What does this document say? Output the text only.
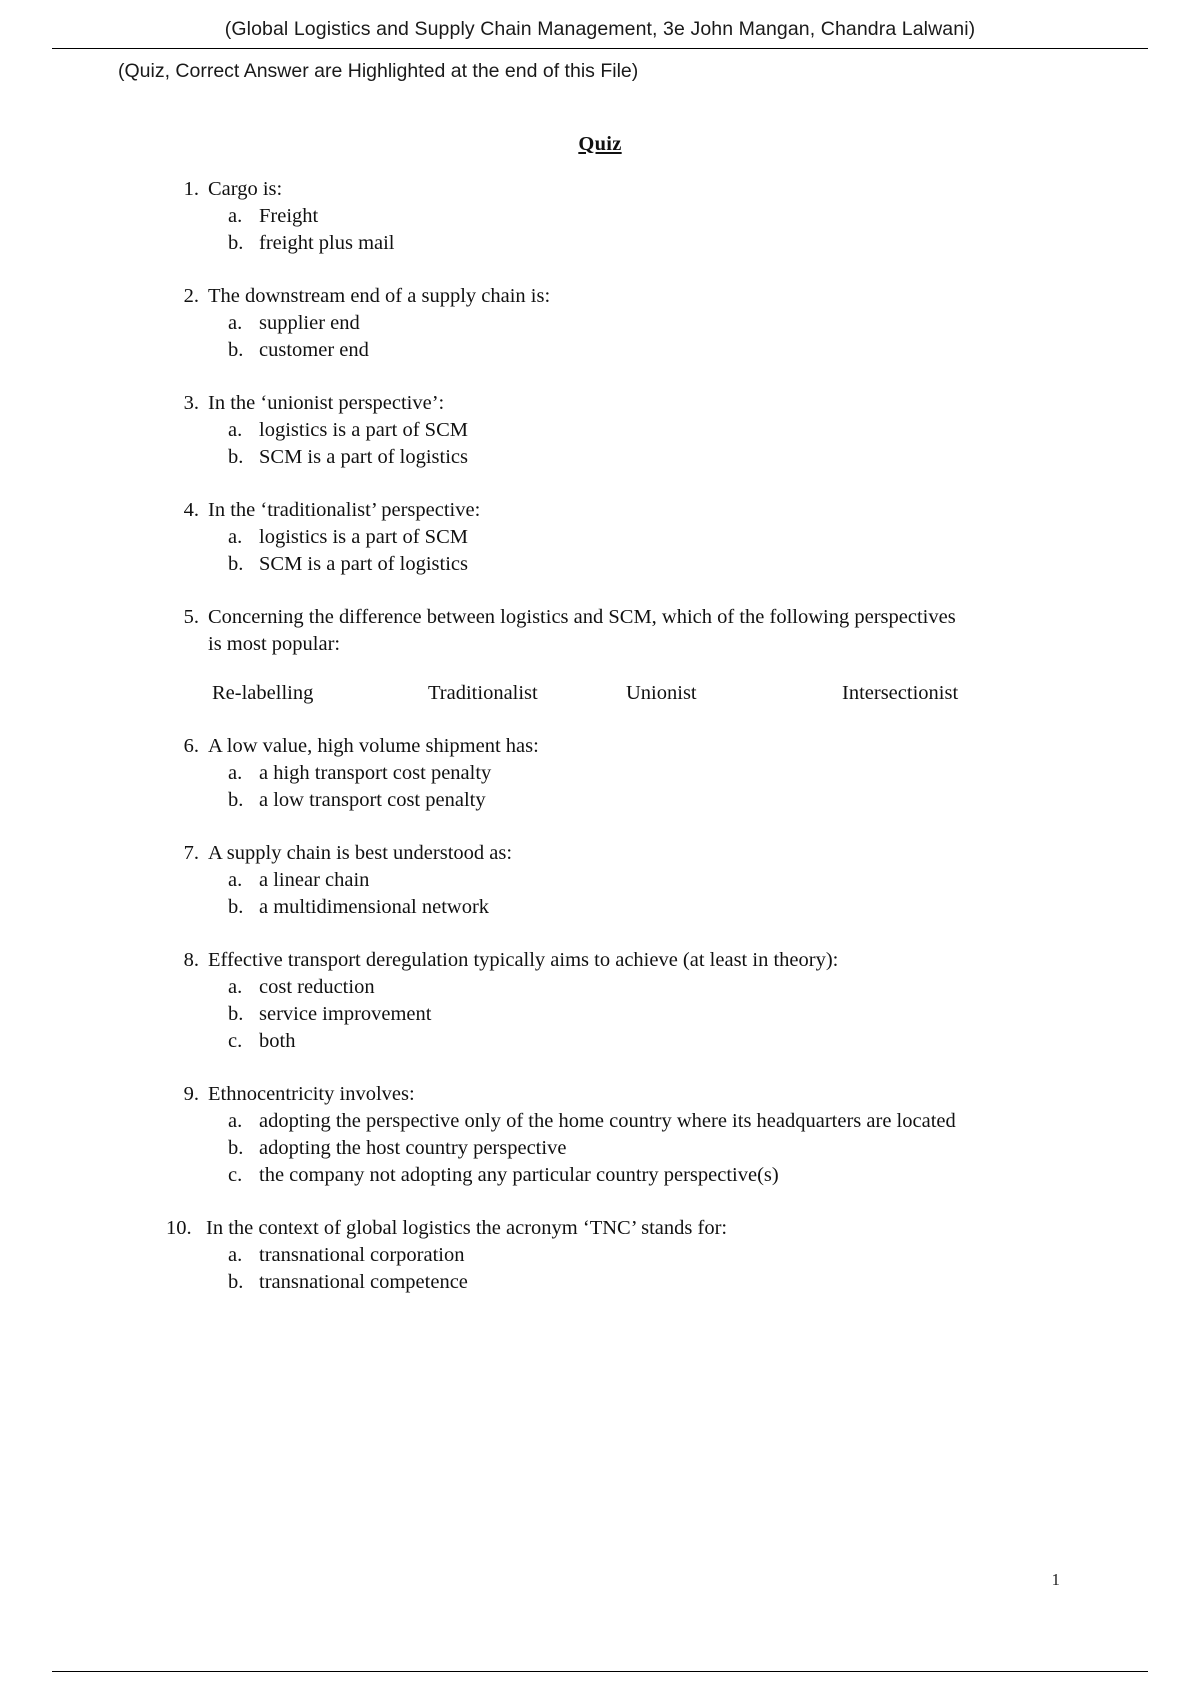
(Global Logistics and Supply Chain Management, 3e John Mangan, Chandra Lalwani)
(Quiz, Correct Answer are Highlighted at the end of this File)
Quiz
1. Cargo is:
a. Freight
b. freight plus mail
2. The downstream end of a supply chain is:
a. supplier end
b. customer end
3. In the ‘unionist perspective’:
a. logistics is a part of SCM
b. SCM is a part of logistics
4. In the ‘traditionalist’ perspective:
a. logistics is a part of SCM
b. SCM is a part of logistics
5. Concerning the difference between logistics and SCM, which of the following perspectives is most popular:
Re-labelling	Traditionalist	Unionist	Intersectionist
6. A low value, high volume shipment has:
a. a high transport cost penalty
b. a low transport cost penalty
7. A supply chain is best understood as:
a. a linear chain
b. a multidimensional network
8. Effective transport deregulation typically aims to achieve (at least in theory):
a. cost reduction
b. service improvement
c. both
9. Ethnocentricity involves:
a. adopting the perspective only of the home country where its headquarters are located
b. adopting the host country perspective
c. the company not adopting any particular country perspective(s)
10. In the context of global logistics the acronym ‘TNC’ stands for:
a. transnational corporation
b. transnational competence
1
